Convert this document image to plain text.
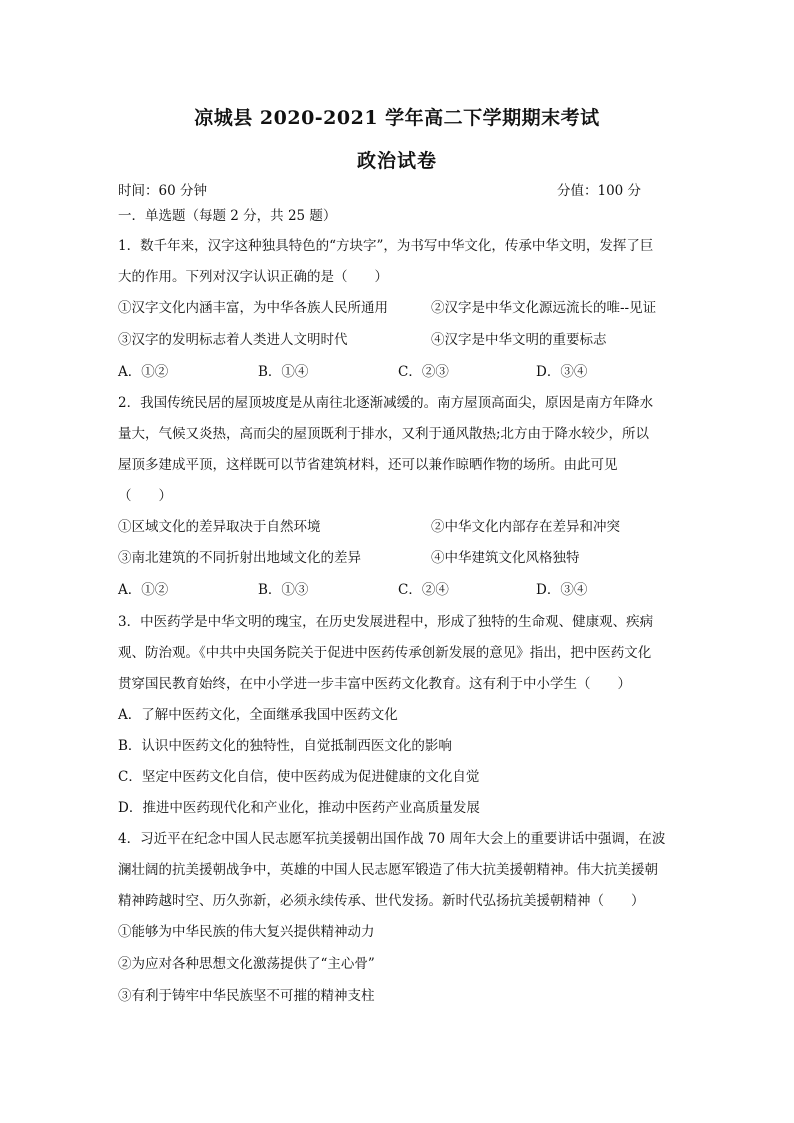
凉城县 2020-2021 学年高二下学期期末考试
政治试卷
时间：60 分钟	分值：100 分
一．单选题（每题 2 分，共 25 题）
1．数千年来，汉字这种独具特色的“方块字”，为书写中华文化，传承中华文明，发挥了巨
大的作用。下列对汉字认识正确的是（　　）
①汉字文化内涵丰富，为中华各族人民所通用	②汉字是中华文化源远流长的唯--见证
③汉字的发明标志着人类进人文明时代	④汉字是中华文明的重要标志
A．①②	B．①④	C．②③	D．③④
2．我国传统民居的屋顶坡度是从南往北逐渐减缓的。南方屋顶高面尖，原因是南方年降水
量大，气候又炎热，高而尖的屋顶既利于排水，又利于通风散热;北方由于降水较少，所以
屋顶多建成平顶，这样既可以节省建筑材料，还可以兼作晾晒作物的场所。由此可见
（　　）
①区域文化的差异取决于自然环境	②中华文化内部存在差异和冲突
③南北建筑的不同折射出地域文化的差异	④中华建筑文化风格独特
A．①②	B．①③	C．②④	D．③④
3．中医药学是中华文明的瑰宝，在历史发展进程中，形成了独特的生命观、健康观、疾病
观、防治观。《中共中央国务院关于促进中医药传承创新发展的意见》指出，把中医药文化
贯穿国民教育始终，在中小学进一步丰富中医药文化教育。这有利于中小学生（　　）
A．了解中医药文化，全面继承我国中医药文化
B．认识中医药文化的独特性，自觉抵制西医文化的影响
C．坚定中医药文化自信，使中医药成为促进健康的文化自觉
D．推进中医药现代化和产业化，推动中医药产业高质量发展
4．习近平在纪念中国人民志愿军抗美援朝出国作战 70 周年大会上的重要讲话中强调，在波
澜壮阔的抗美援朝战争中，英雄的中国人民志愿军锻造了伟大抗美援朝精神。伟大抗美援朝
精神跨越时空、历久弥新，必须永续传承、世代发扬。新时代弘扬抗美援朝精神（　　）
①能够为中华民族的伟大复兴提供精神动力
②为应对各种思想文化激荡提供了“主心骨”
③有利于铸牢中华民族坚不可摧的精神支柱
